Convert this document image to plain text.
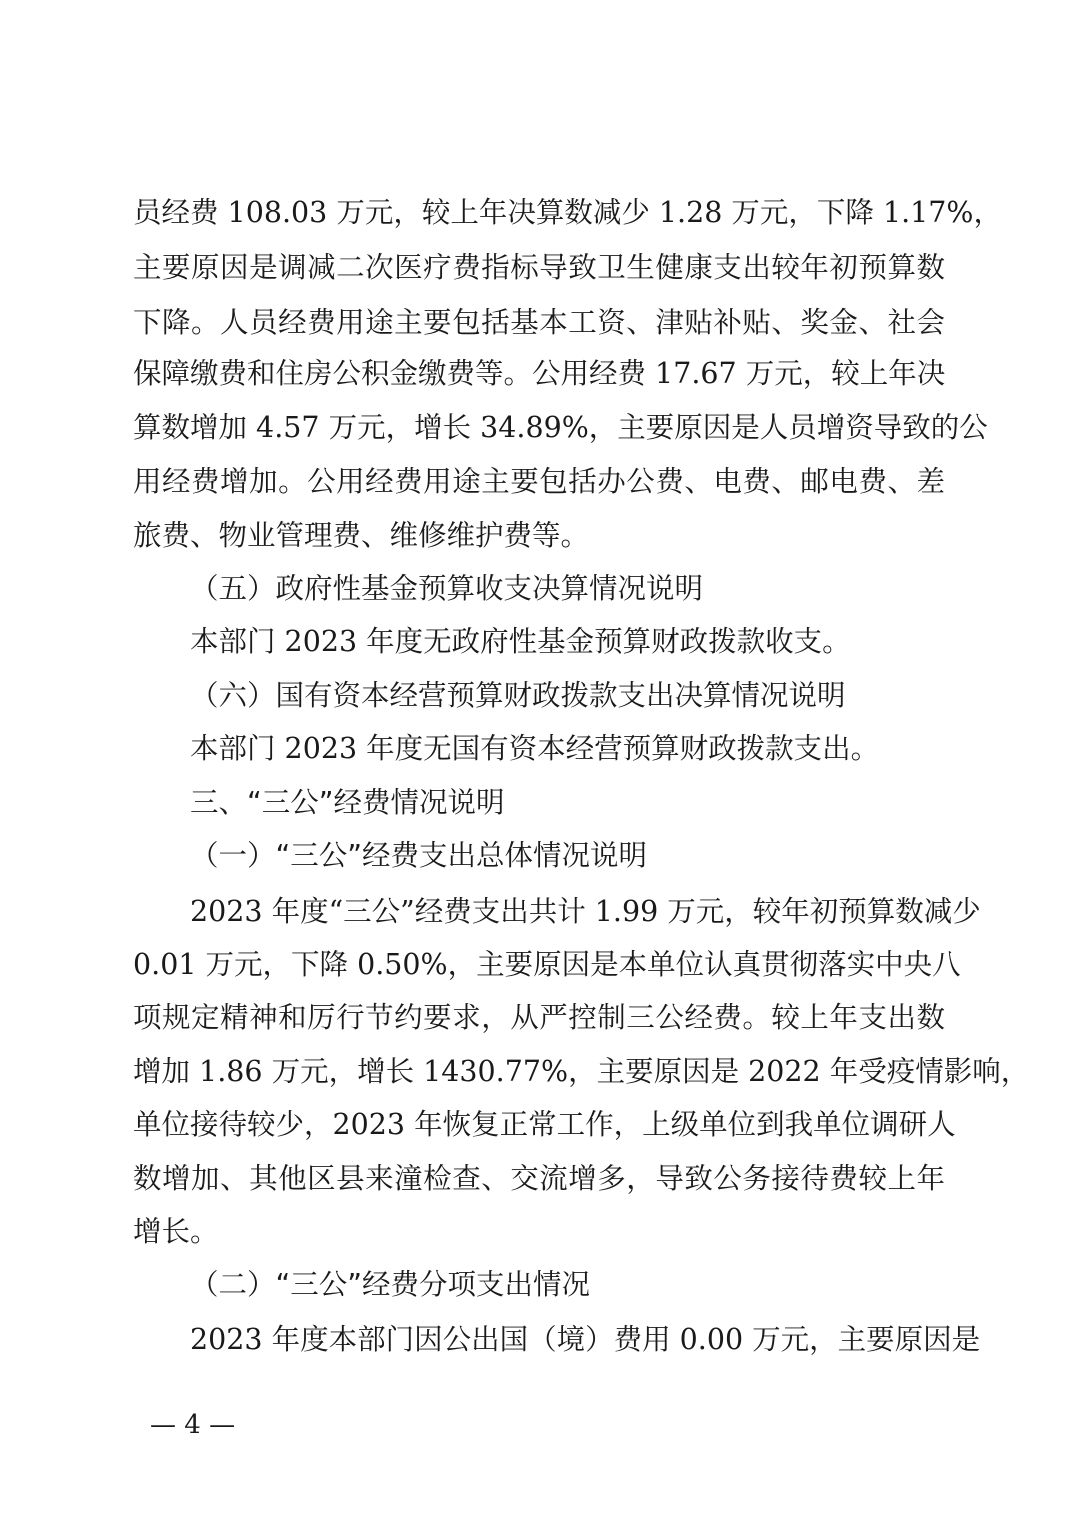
员经费 108.03 万元，较上年决算数减少 1.28 万元，下降 1.17%，
主要原因是调减二次医疗费指标导致卫生健康支出较年初预算数
下降。人员经费用途主要包括基本工资、津贴补贴、奖金、社会
保障缴费和住房公积金缴费等。公用经费 17.67 万元，较上年决
算数增加 4.57 万元，增长 34.89%，主要原因是人员增资导致的公
用经费增加。公用经费用途主要包括办公费、电费、邮电费、差
旅费、物业管理费、维修维护费等。
（五）政府性基金预算收支决算情况说明
本部门 2023 年度无政府性基金预算财政拨款收支。
（六）国有资本经营预算财政拨款支出决算情况说明
本部门 2023 年度无国有资本经营预算财政拨款支出。
三、“三公”经费情况说明
（一）“三公”经费支出总体情况说明
2023 年度“三公”经费支出共计 1.99 万元，较年初预算数减少
0.01 万元，下降 0.50%，主要原因是本单位认真贯彻落实中央八
项规定精神和厉行节约要求，从严控制三公经费。较上年支出数
增加 1.86 万元，增长 1430.77%，主要原因是 2022 年受疫情影响，
单位接待较少，2023 年恢复正常工作，上级单位到我单位调研人
数增加、其他区县来潼检查、交流增多，导致公务接待费较上年
增长。
（二）“三公”经费分项支出情况
2023 年度本部门因公出国（境）费用 0.00 万元，主要原因是
— 4 —
